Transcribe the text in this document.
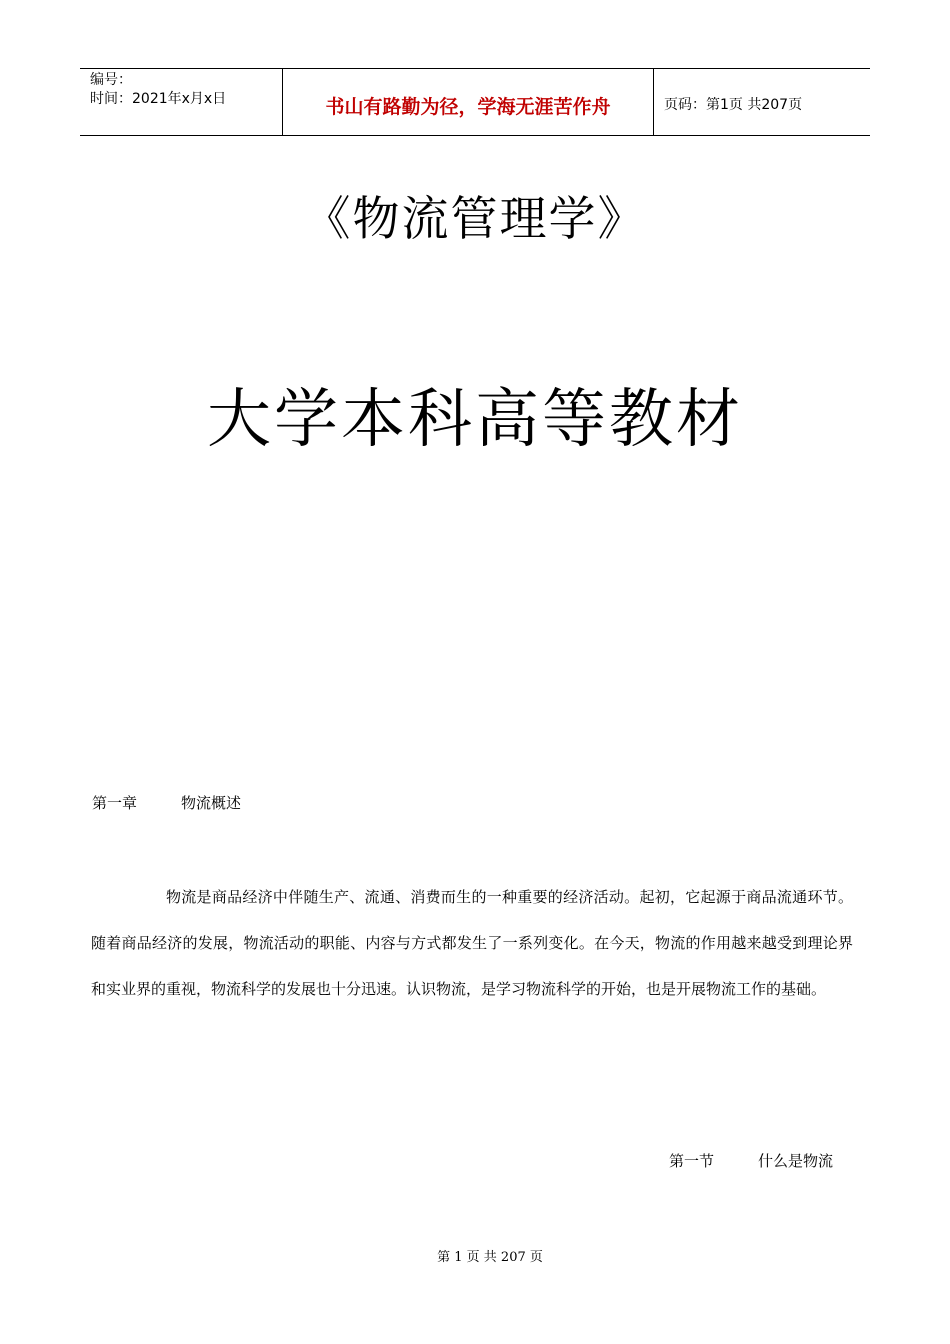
编号：
时间：2021年x月x日	书山有路勤为径，学海无涯苦作舟	页码：第1页 共207页
《物流管理学》
大学本科高等教材
第一章	物流概述

物流是商品经济中伴随生产、流通、消费而生的一种重要的经济活动。起初，它起源于商品流通环节。随着商品经济的发展，物流活动的职能、内容与方式都发生了一系列变化。在今天，物流的作用越来越受到理论界和实业界的重视，物流科学的发展也十分迅速。认识物流，是学习物流科学的开始，也是开展物流工作的基础。

第一节	什么是物流
第 1 页 共 207 页
